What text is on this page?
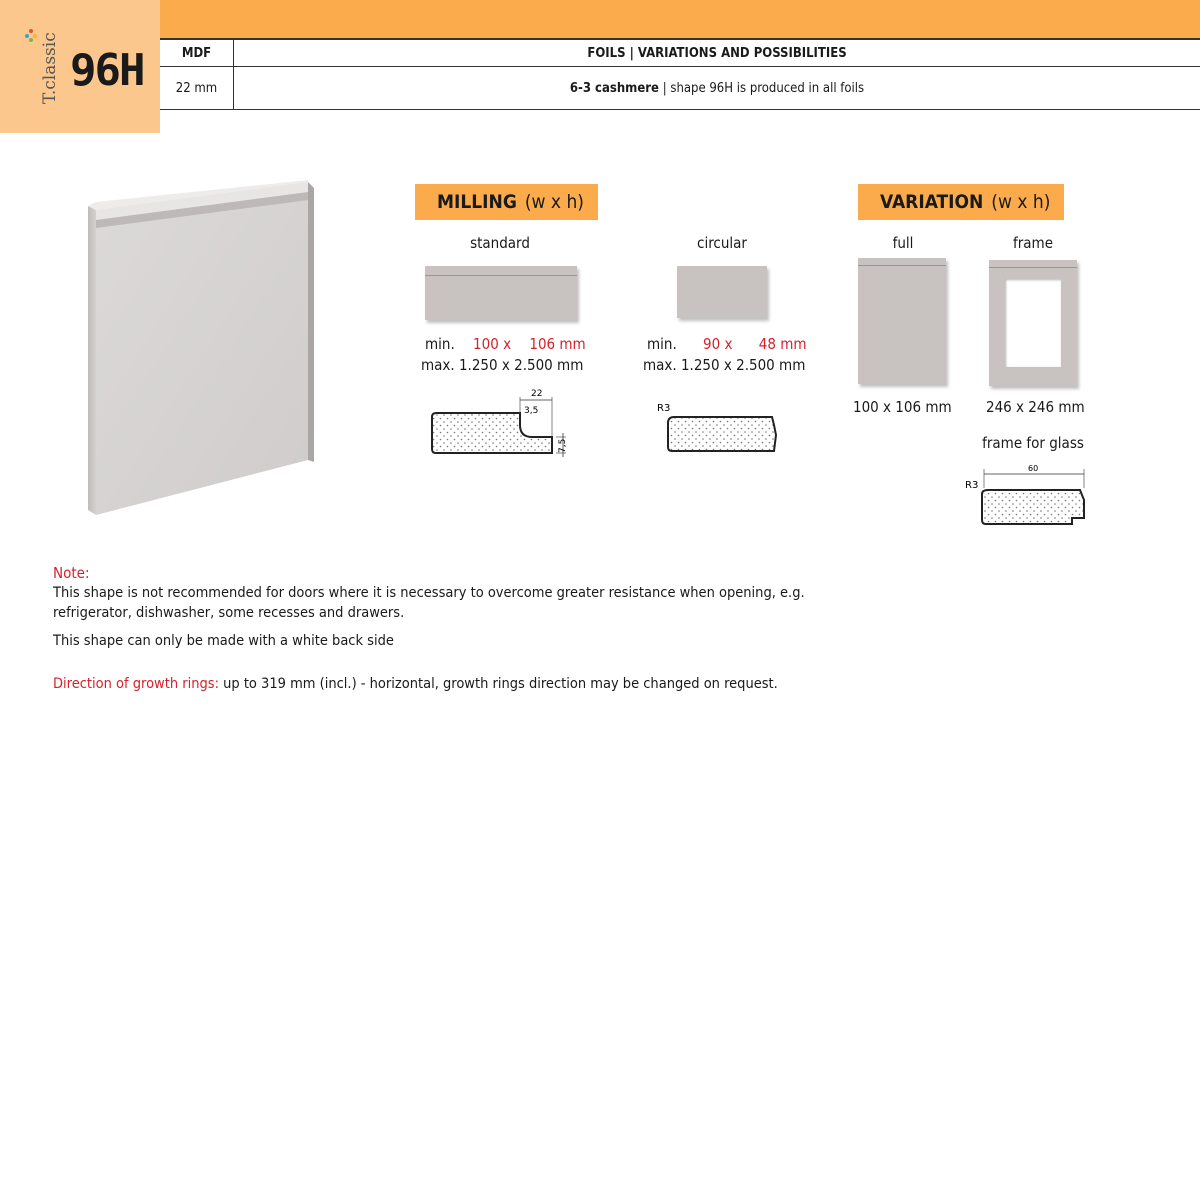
T.classic 96H	MDF	FOILS | VARIATIONS AND POSSIBILITIES
22 mm	6-3 cashmere | shape 96H is produced in all foils
MILLING (w x h)
standard
min. 100 x 106 mm
max. 1.250 x 2.500 mm
22
3,5
7,5
circular
min. 90 x 48 mm
max. 1.250 x 2.500 mm
R3
VARIATION (w x h)
full
100 x 106 mm
frame
246 x 246 mm
frame for glass
60
R3
Note:
This shape is not recommended for doors where it is necessary to overcome greater resistance when opening, e.g.
refrigerator, dishwasher, some recesses and drawers.
This shape can only be made with a white back side
Direction of growth rings: up to 319 mm (incl.) - horizontal, growth rings direction may be changed on request.
